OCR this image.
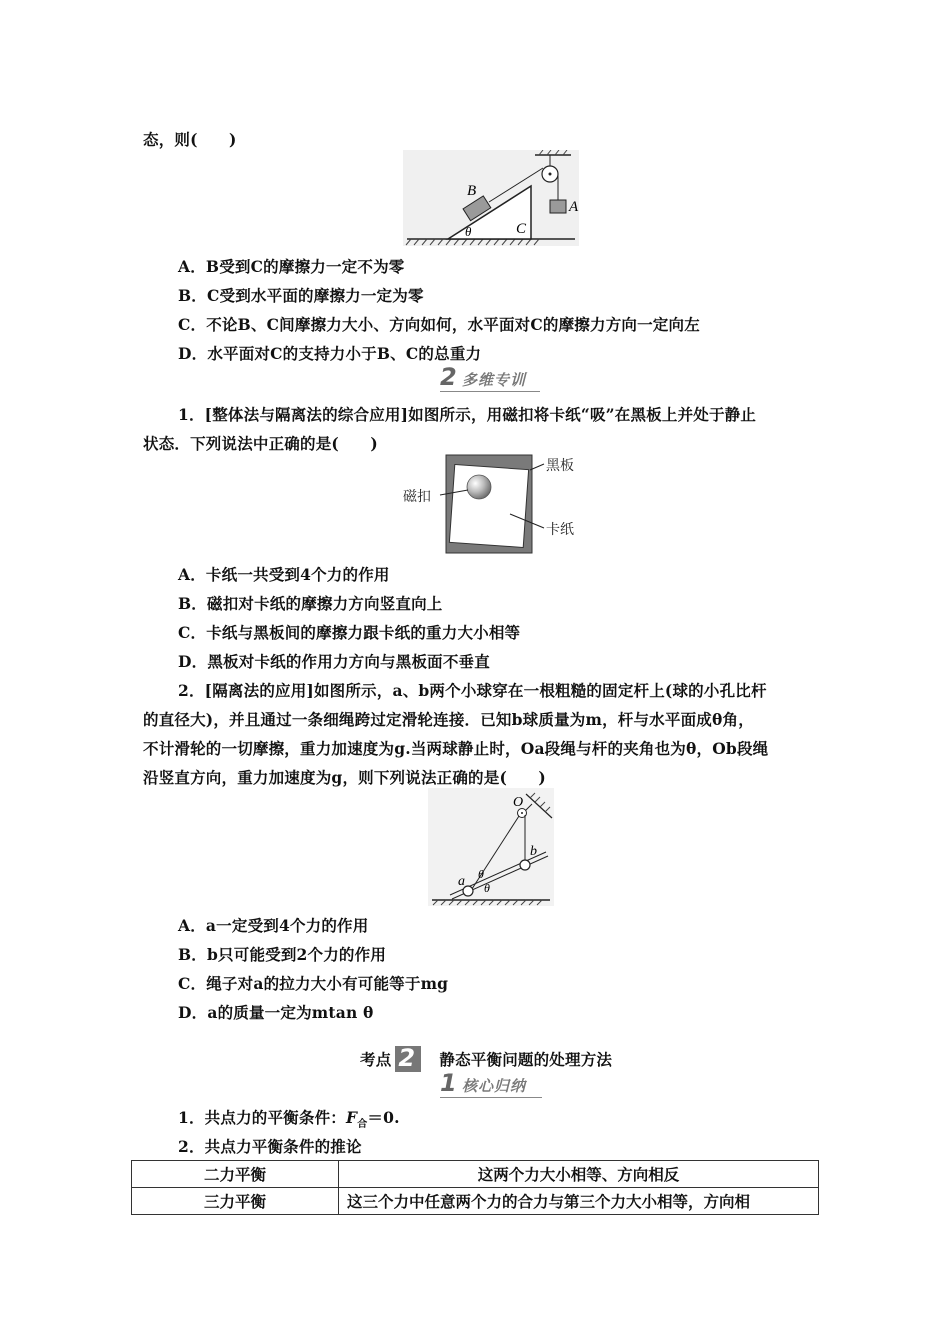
态，则(　　)
B
A
C
θ
A．B受到C的摩擦力一定不为零
B．C受到水平面的摩擦力一定为零
C．不论B、C间摩擦力大小、方向如何，水平面对C的摩擦力方向一定向左
D．水平面对C的支持力小于B、C的总重力
2 多维专训
1．[整体法与隔离法的综合应用]如图所示，用磁扣将卡纸“吸”在黑板上并处于静止
状态．下列说法中正确的是(　　)
黑板
磁扣
卡纸
A．卡纸一共受到4个力的作用
B．磁扣对卡纸的摩擦力方向竖直向上
C．卡纸与黑板间的摩擦力跟卡纸的重力大小相等
D．黑板对卡纸的作用力方向与黑板面不垂直
2．[隔离法的应用]如图所示，a、b两个小球穿在一根粗糙的固定杆上(球的小孔比杆
的直径大)，并且通过一条细绳跨过定滑轮连接．已知b球质量为m，杆与水平面成θ角，
不计滑轮的一切摩擦，重力加速度为g.当两球静止时，Oa段绳与杆的夹角也为θ，Ob段绳
沿竖直方向，重力加速度为g，则下列说法正确的是(　　)
O
a
b
θ
θ
A．a一定受到4个力的作用
B．b只可能受到2个力的作用
C．绳子对a的拉力大小有可能等于mg
D．a的质量一定为mtan θ
考点 2 静态平衡问题的处理方法
1 核心归纳
1．共点力的平衡条件：$F_合=0$.
2．共点力平衡条件的推论
二力平衡	这两个力大小相等、方向相反
三力平衡	这三个力中任意两个力的合力与第三个力大小相等，方向相
